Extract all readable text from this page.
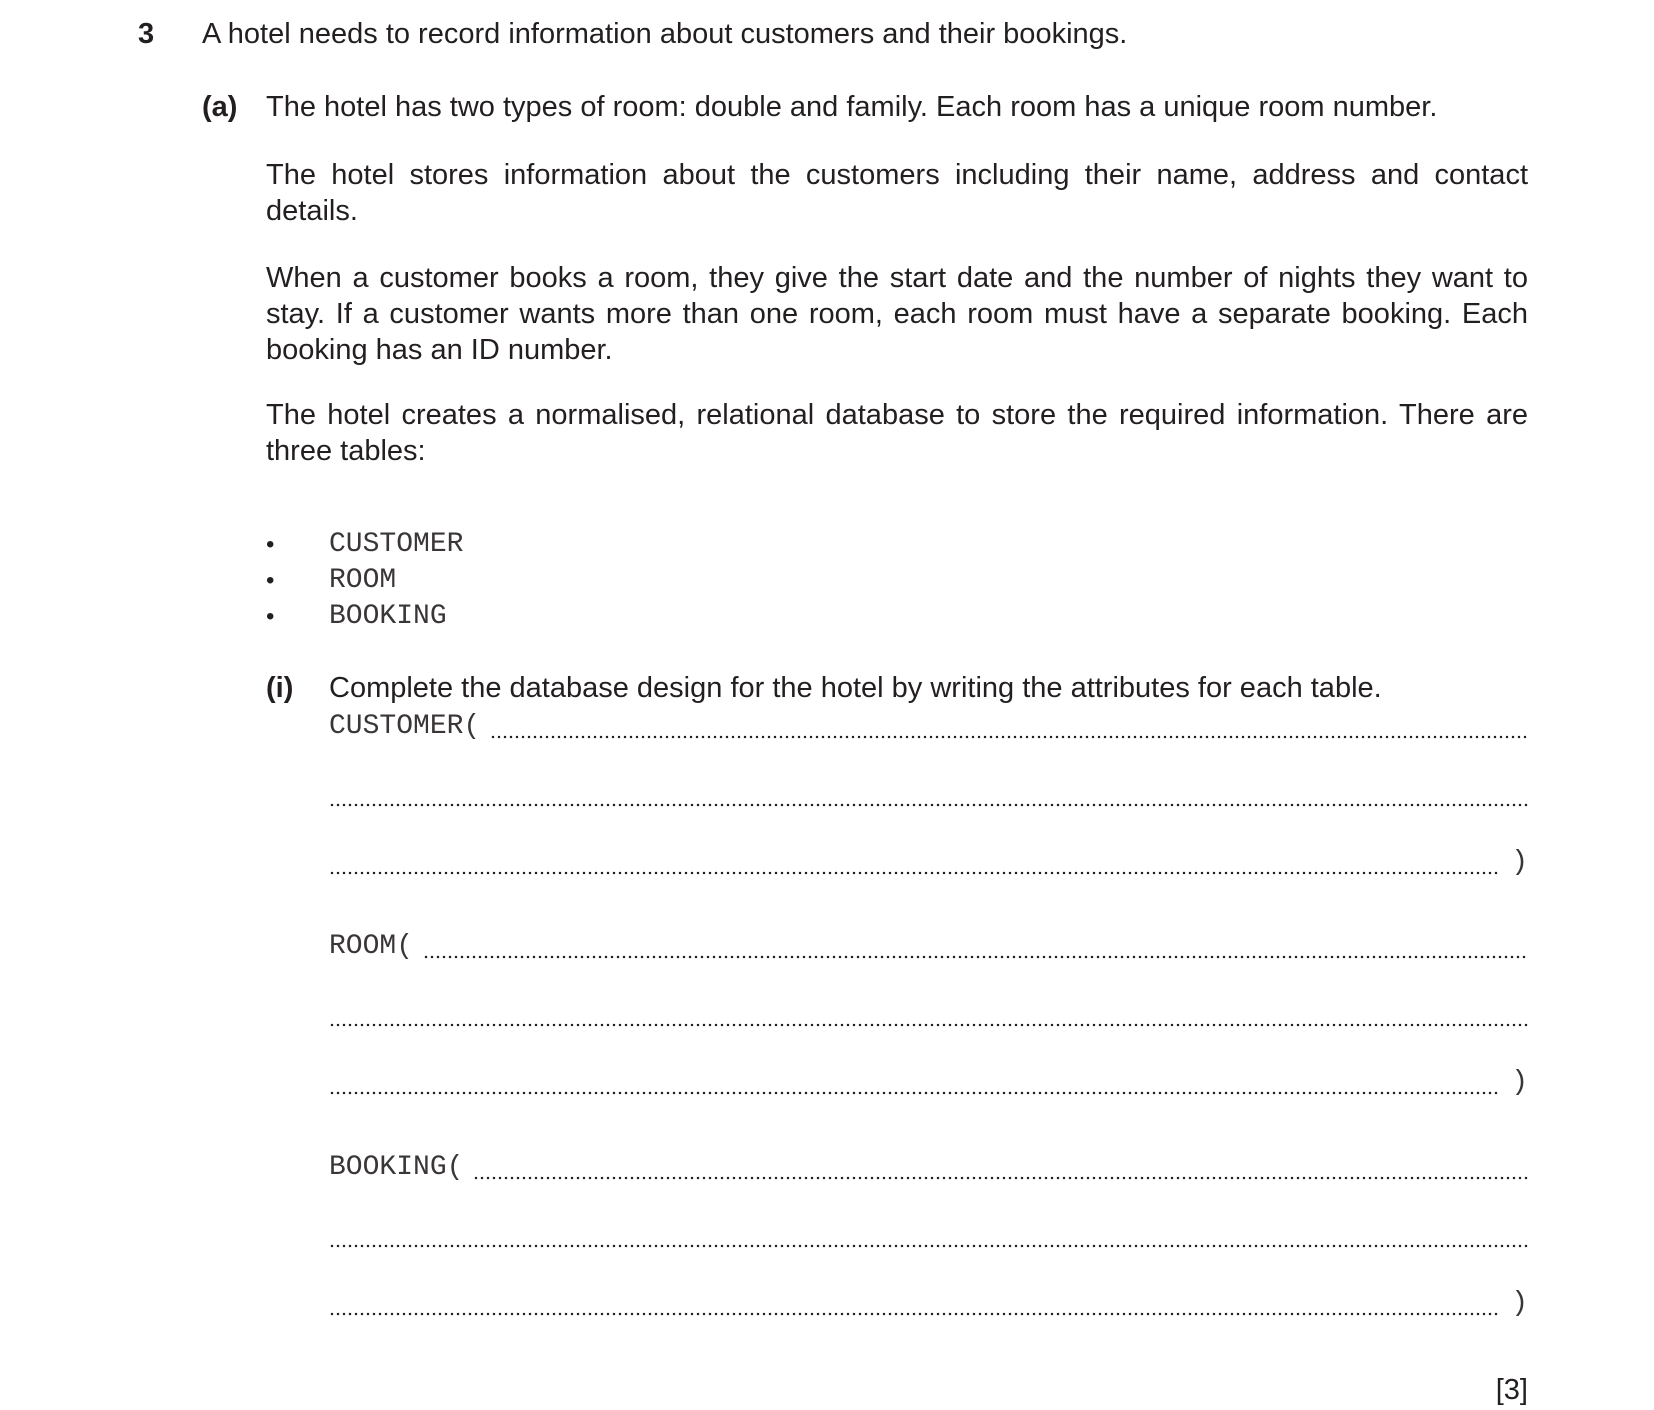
3 A hotel needs to record information about customers and their bookings.
(a) The hotel has two types of room: double and family. Each room has a unique room number.
The hotel stores information about the customers including their name, address and contact details.
When a customer books a room, they give the start date and the number of nights they want to stay. If a customer wants more than one room, each room must have a separate booking. Each booking has an ID number.
The hotel creates a normalised, relational database to store the required information. There are three tables:
• CUSTOMER
• ROOM
• BOOKING
(i) Complete the database design for the hotel by writing the attributes for each table.
CUSTOMER(
)
ROOM(
)
BOOKING(
)
[3]
